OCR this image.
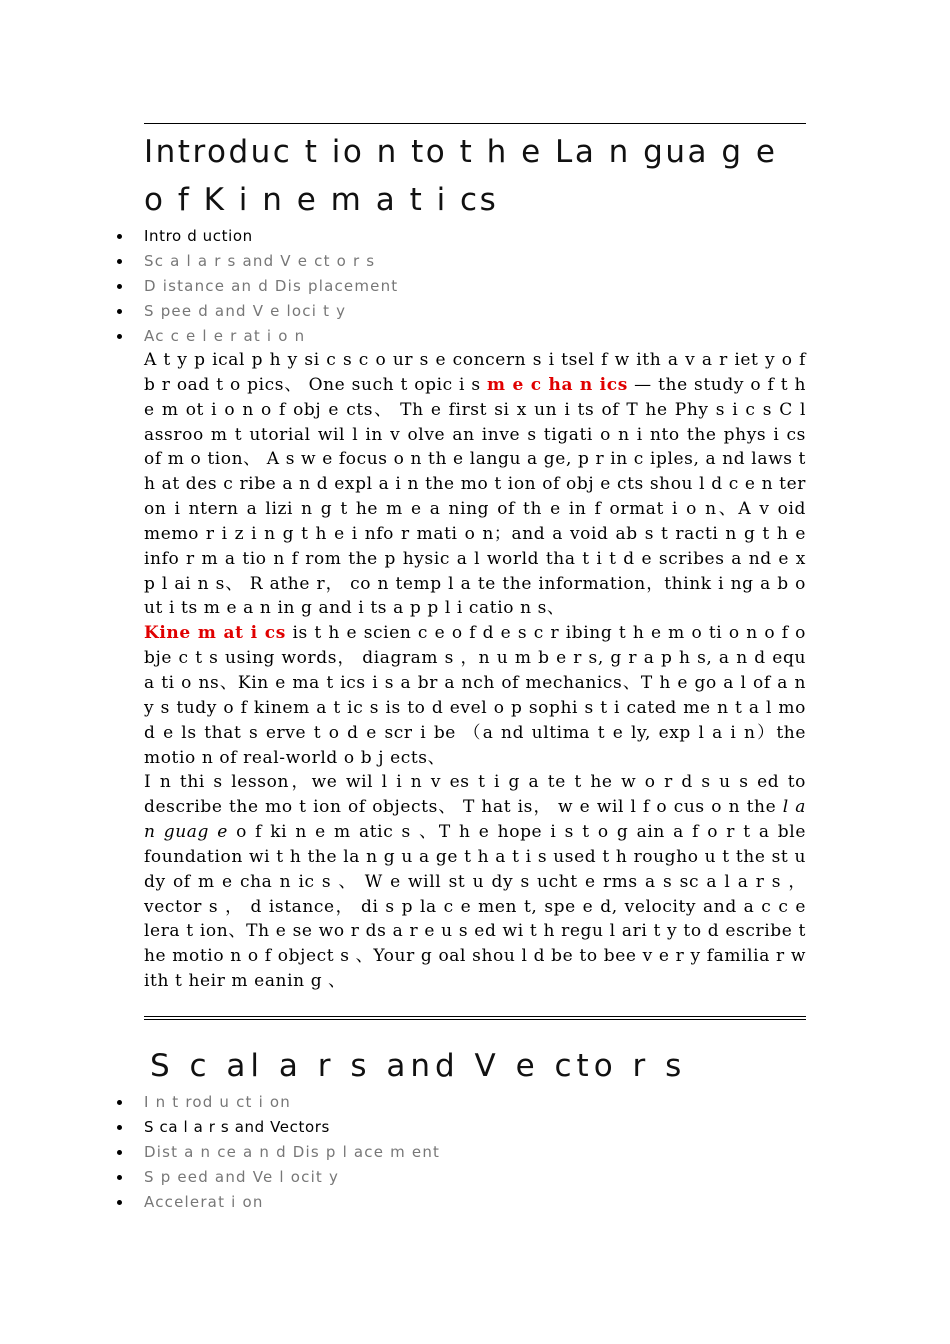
Introduc t io n to t h e La n gua g e o f K i n e m a t i cs
Intro d uction
Sc a l a r s and V e ct o r s
D istance an d Dis placement
S pee d and V e loci t y
Ac c e l e r at i o n

A t y p ical p h y si c s c o ur s e concern s i tsel f w ith a v a r iet y o f b r oad t o pics、 One such t opic i s m e c ha n ics — the study o f t h e m ot i o n o f obj e cts、 Th e first si x un i ts of T he Phy s i c s C l assroo m t utorial wil l in v olve an inve s tigati o n i nto the phys i cs of m o tion、 A s w e focus o n th e langu a ge, p r in c iples, a nd laws t h at des c ribe a n d expl a i n the mo t ion of obj e cts shou l d c e n ter on i ntern a lizi n g t he m e a ning of th e in f ormat i o n、A v oid memo r i z i n g t h e i nfo r mati o n；and a void ab s t racti n g t h e info r m a tio n f rom the p hysic a l world tha t i t d e scribes a nd e x p l ai n s、 R athe r， co n temp l a te the information，think i ng a b o ut i ts m e a n in g and i ts a p p l i catio n s、

Kine m at i cs is t h e scien c e o f d e s c r ibing t h e m o ti o n o f o bje c t s using words， diagram s ，n u m b e r s, g r a p h s, a n d equ a ti o ns、Kin e ma t ics i s a br a nch of mechanics、T h e go a l of a n y s tudy o f kinem a t ic s is to d evel o p sophi s t i cated me n t a l mo d e ls that s erve t o d e scr i be （a nd ultima t e ly, exp l a i n）the motio n of real-world o b j ects、

I n thi s lesson，we wil l i n v es t i g a te t he w o r d s u s ed to describe the mo t ion of objects、 T hat is， w e wil l f o cus o n the l a n guag e o f ki n e m atic s 、T h e hope i s t o g ain a f o r t a ble foundation wi t h the la n g u a ge t h a t i s used t h rougho u t the st u dy of m e cha n ic s 、 W e will st u dy s ucht e rms a s sc a l a r s ， vector s ， d istance， di s p la c e men t, spe e d, velocity and a c c e lera t ion、Th e se wo r ds a r e u s ed wi t h regu l ari t y to d escribe t he motio n o f object s 、Your g oal shou l d be to bee v e r y familia r w ith t heir m eanin g 、

S c al a r s and V e cto r s
I n t rod u ct i on
S ca l a r s and Vectors
Dist a n ce a n d Dis p l ace m ent
S p eed and Ve l ocit y
Accelerat i on
